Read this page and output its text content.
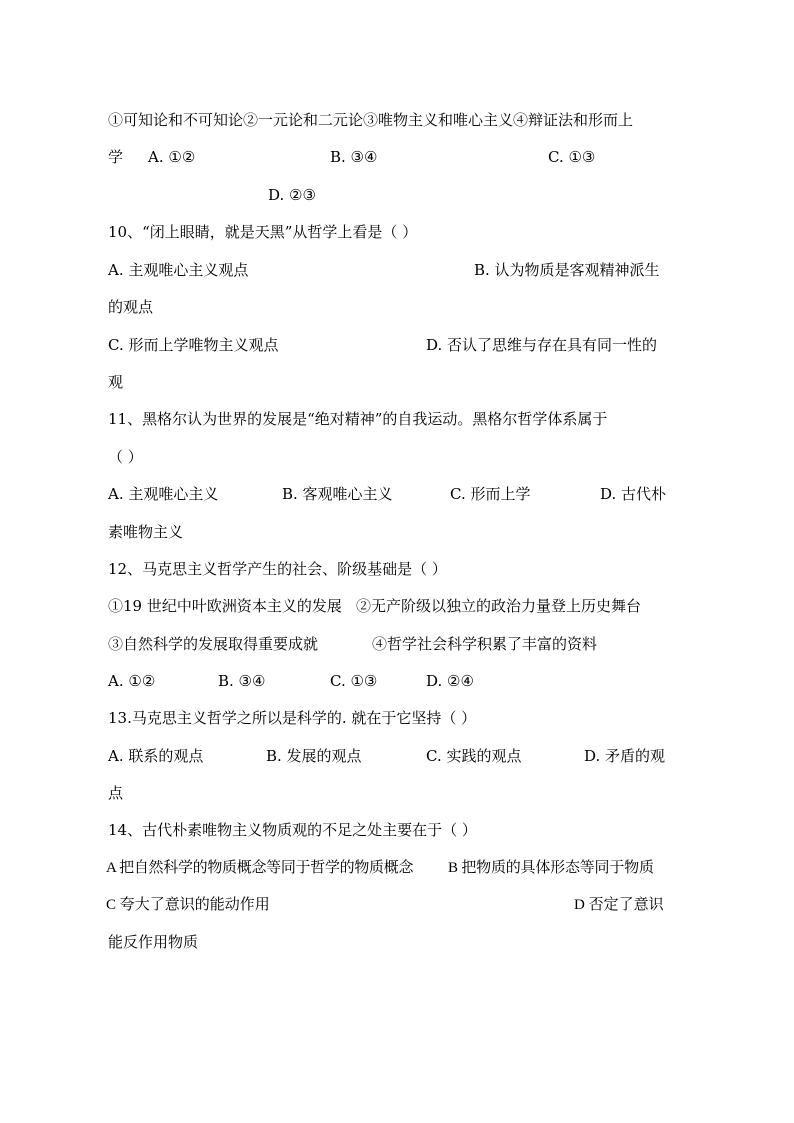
①可知论和不可知论②一元论和二元论③唯物主义和唯心主义④辩证法和形而上
学 A. ①②	B. ③④	C. ①③
D. ②③
10、“闭上眼睛，就是天黑”从哲学上看是（ ）
A. 主观唯心主义观点	B. 认为物质是客观精神派生
的观点
C. 形而上学唯物主义观点	D. 否认了思维与存在具有同一性的
观
11、黑格尔认为世界的发展是“绝对精神”的自我运动。黑格尔哲学体系属于
（ ）
A. 主观唯心主义	B. 客观唯心主义	C. 形而上学	D. 古代朴
素唯物主义
12、马克思主义哲学产生的社会、阶级基础是（ ）
①19 世纪中叶欧洲资本主义的发展 ②无产阶级以独立的政治力量登上历史舞台
③自然科学的发展取得重要成就	④哲学社会科学积累了丰富的资料
A. ①②	B. ③④	C. ①③	D. ②④
13.马克思主义哲学之所以是科学的. 就在于它坚持（ ）
A. 联系的观点	B. 发展的观点	C. 实践的观点	D. 矛盾的观
点
14、古代朴素唯物主义物质观的不足之处主要在于（ ）
A 把自然科学的物质概念等同于哲学的物质概念 B 把物质的具体形态等同于物质
C 夸大了意识的能动作用	D 否定了意识
能反作用物质
